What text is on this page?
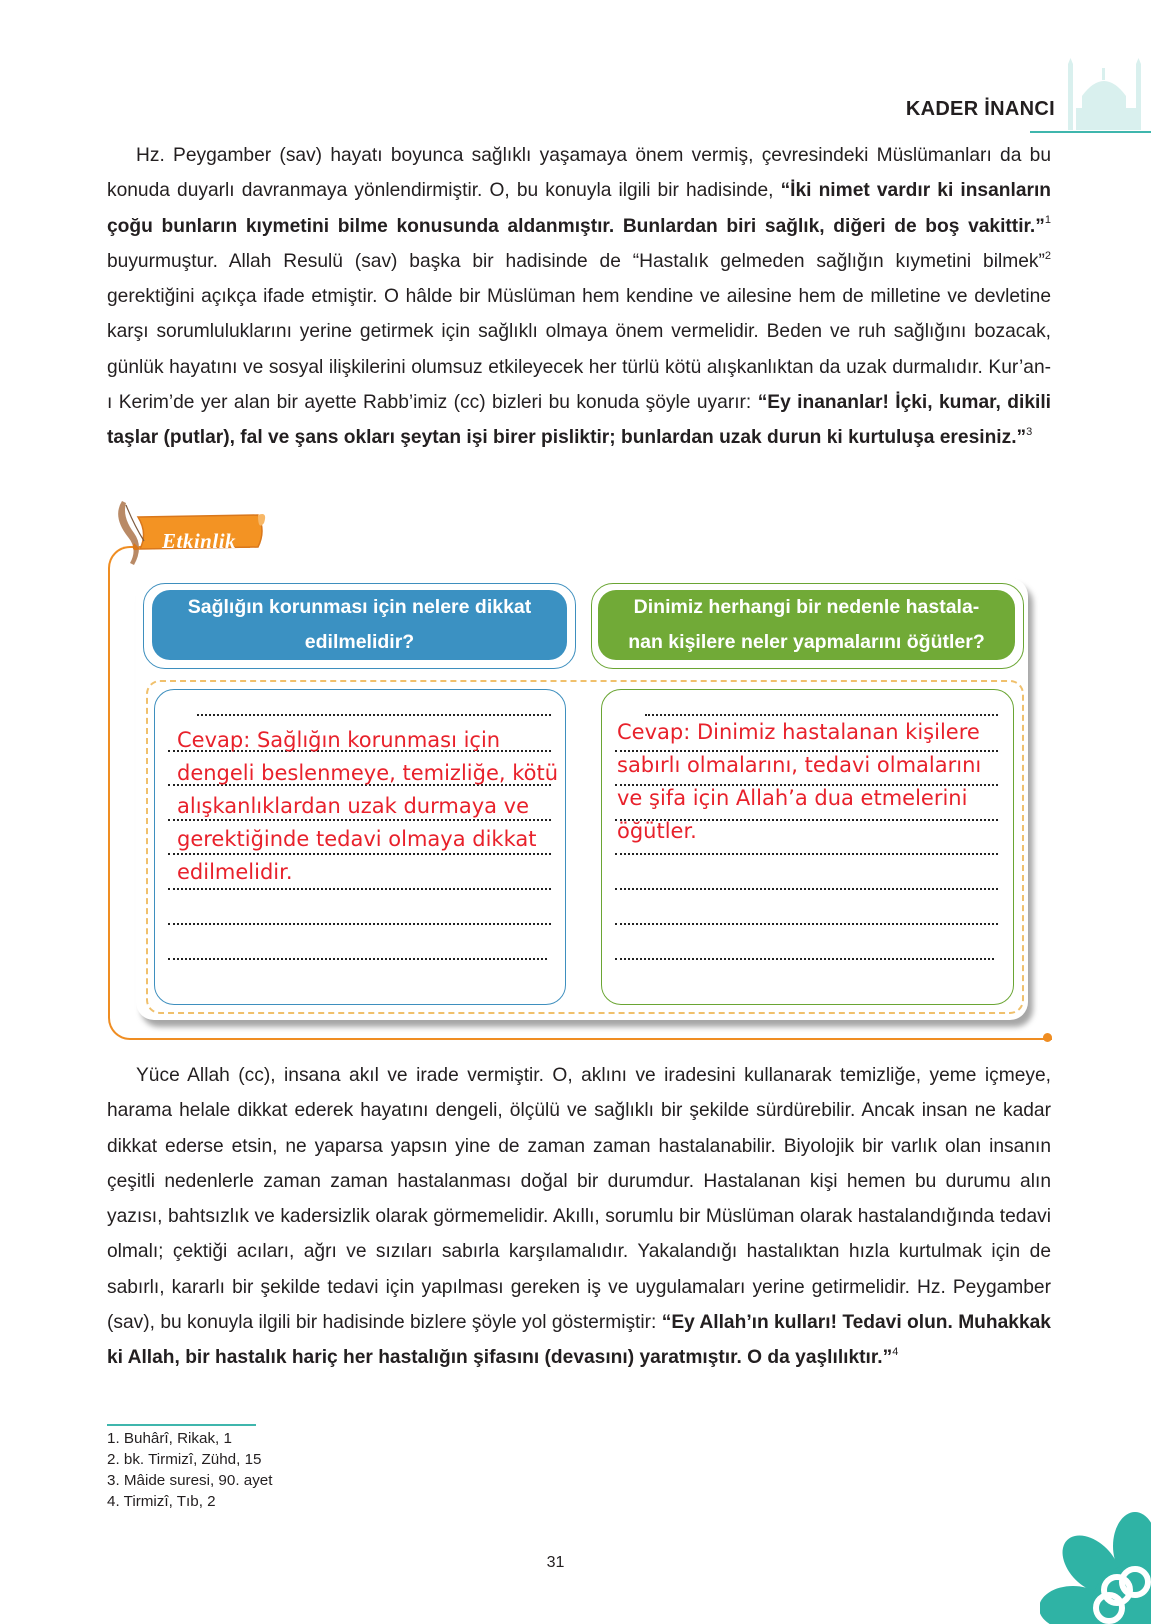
KADER İNANCI

Hz. Peygamber (sav) hayatı boyunca sağlıklı yaşamaya önem vermiş, çevresindeki Müslümanları da bu konuda duyarlı davranmaya yönlendirmiştir. O, bu konuyla ilgili bir hadisinde, “İki nimet vardır ki insanların çoğu bunların kıymetini bilme konusunda aldanmıştır. Bunlardan biri sağlık, diğeri de boş vakittir.”$^1$ buyurmuştur. Allah Resulü (sav) başka bir hadisinde de “Hastalık gelmeden sağlığın kıymetini bilmek”$^2$ gerektiğini açıkça ifade etmiştir. O hâlde bir Müslüman hem kendine ve ailesine hem de milletine ve devletine karşı sorumluluklarını yerine getirmek için sağlıklı olmaya önem vermelidir. Beden ve ruh sağlığını bozacak, günlük hayatını ve sosyal ilişkilerini olumsuz etkileyecek her türlü kötü alışkanlıktan da uzak durmalıdır. Kur’an-ı Kerim’de yer alan bir ayette Rabb’imiz (cc) bizleri bu konuda şöyle uyarır: “Ey inananlar! İçki, kumar, dikili taşlar (putlar), fal ve şans okları şeytan işi birer pisliktir; bunlardan uzak durun ki kurtuluşa eresiniz.”$^3$

Etkinlik
Sağlığın korunması için nelere dikkat
edilmelidir?
Dinimiz herhangi bir nedenle hastala-
nan kişilere neler yapmalarını öğütler?

Cevap: Sağlığın korunması için dengeli beslenmeye, temizliğe, kötü alışkanlıklardan uzak durmaya ve gerektiğinde tedavi olmaya dikkat edilmelidir.

Cevap: Dinimiz hastalanan kişilere sabırlı olmalarını, tedavi olmalarını ve şifa için Allah’a dua etmelerini öğütler.

Yüce Allah (cc), insana akıl ve irade vermiştir. O, aklını ve iradesini kullanarak temizliğe, yeme içmeye, harama helale dikkat ederek hayatını dengeli, ölçülü ve sağlıklı bir şekilde sürdürebilir. Ancak insan ne kadar dikkat ederse etsin, ne yaparsa yapsın yine de zaman zaman hastalanabilir. Biyolojik bir varlık olan insanın çeşitli nedenlerle zaman zaman hastalanması doğal bir durumdur. Hastalanan kişi hemen bu durumu alın yazısı, bahtsızlık ve kadersizlik olarak görmemelidir. Akıllı, sorumlu bir Müslüman olarak hastalandığında tedavi olmalı; çektiği acıları, ağrı ve sızıları sabırla karşılamalıdır. Yakalandığı hastalıktan hızla kurtulmak için de sabırlı, kararlı bir şekilde tedavi için yapılması gereken iş ve uygulamaları yerine getirmelidir. Hz. Peygamber (sav), bu konuyla ilgili bir hadisinde bizlere şöyle yol göstermiştir: “Ey Allah’ın kulları! Tedavi olun. Muhakkak ki Allah, bir hastalık hariç her hastalığın şifasını (devasını) yaratmıştır. O da yaşlılıktır.”$^4$

1. Buhârî, Rikak, 1
2. bk. Tirmizî, Zühd, 15
3. Mâide suresi, 90. ayet
4. Tirmizî, Tıb, 2
31
